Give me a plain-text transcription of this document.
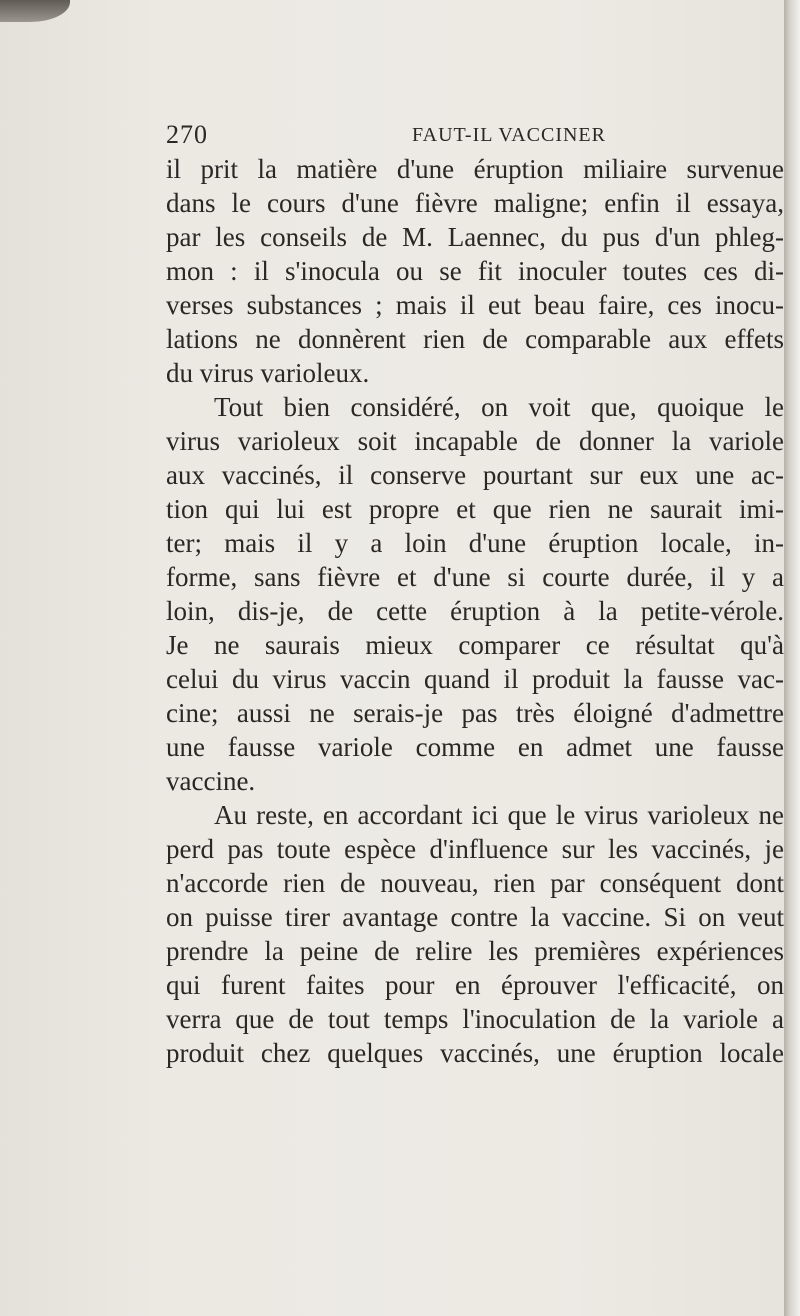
270	FAUT-IL VACCINER
il prit la matière d'une éruption miliaire survenue
dans le cours d'une fièvre maligne; enfin il essaya,
par les conseils de M. Laennec, du pus d'un phleg-
mon : il s'inocula ou se fit inoculer toutes ces di-
verses substances ; mais il eut beau faire, ces inocu-
lations ne donnèrent rien de comparable aux effets
du virus varioleux.
Tout bien considéré, on voit que, quoique le
virus varioleux soit incapable de donner la variole
aux vaccinés, il conserve pourtant sur eux une ac-
tion qui lui est propre et que rien ne saurait imi-
ter; mais il y a loin d'une éruption locale, in-
forme, sans fièvre et d'une si courte durée, il y a
loin, dis-je, de cette éruption à la petite-vérole.
Je ne saurais mieux comparer ce résultat qu'à
celui du virus vaccin quand il produit la fausse vac-
cine; aussi ne serais-je pas très éloigné d'admettre
une fausse variole comme en admet une fausse
vaccine.
Au reste, en accordant ici que le virus varioleux ne
perd pas toute espèce d'influence sur les vaccinés, je
n'accorde rien de nouveau, rien par conséquent dont
on puisse tirer avantage contre la vaccine. Si on veut
prendre la peine de relire les premières expériences
qui furent faites pour en éprouver l'efficacité, on
verra que de tout temps l'inoculation de la variole a
produit chez quelques vaccinés, une éruption locale
